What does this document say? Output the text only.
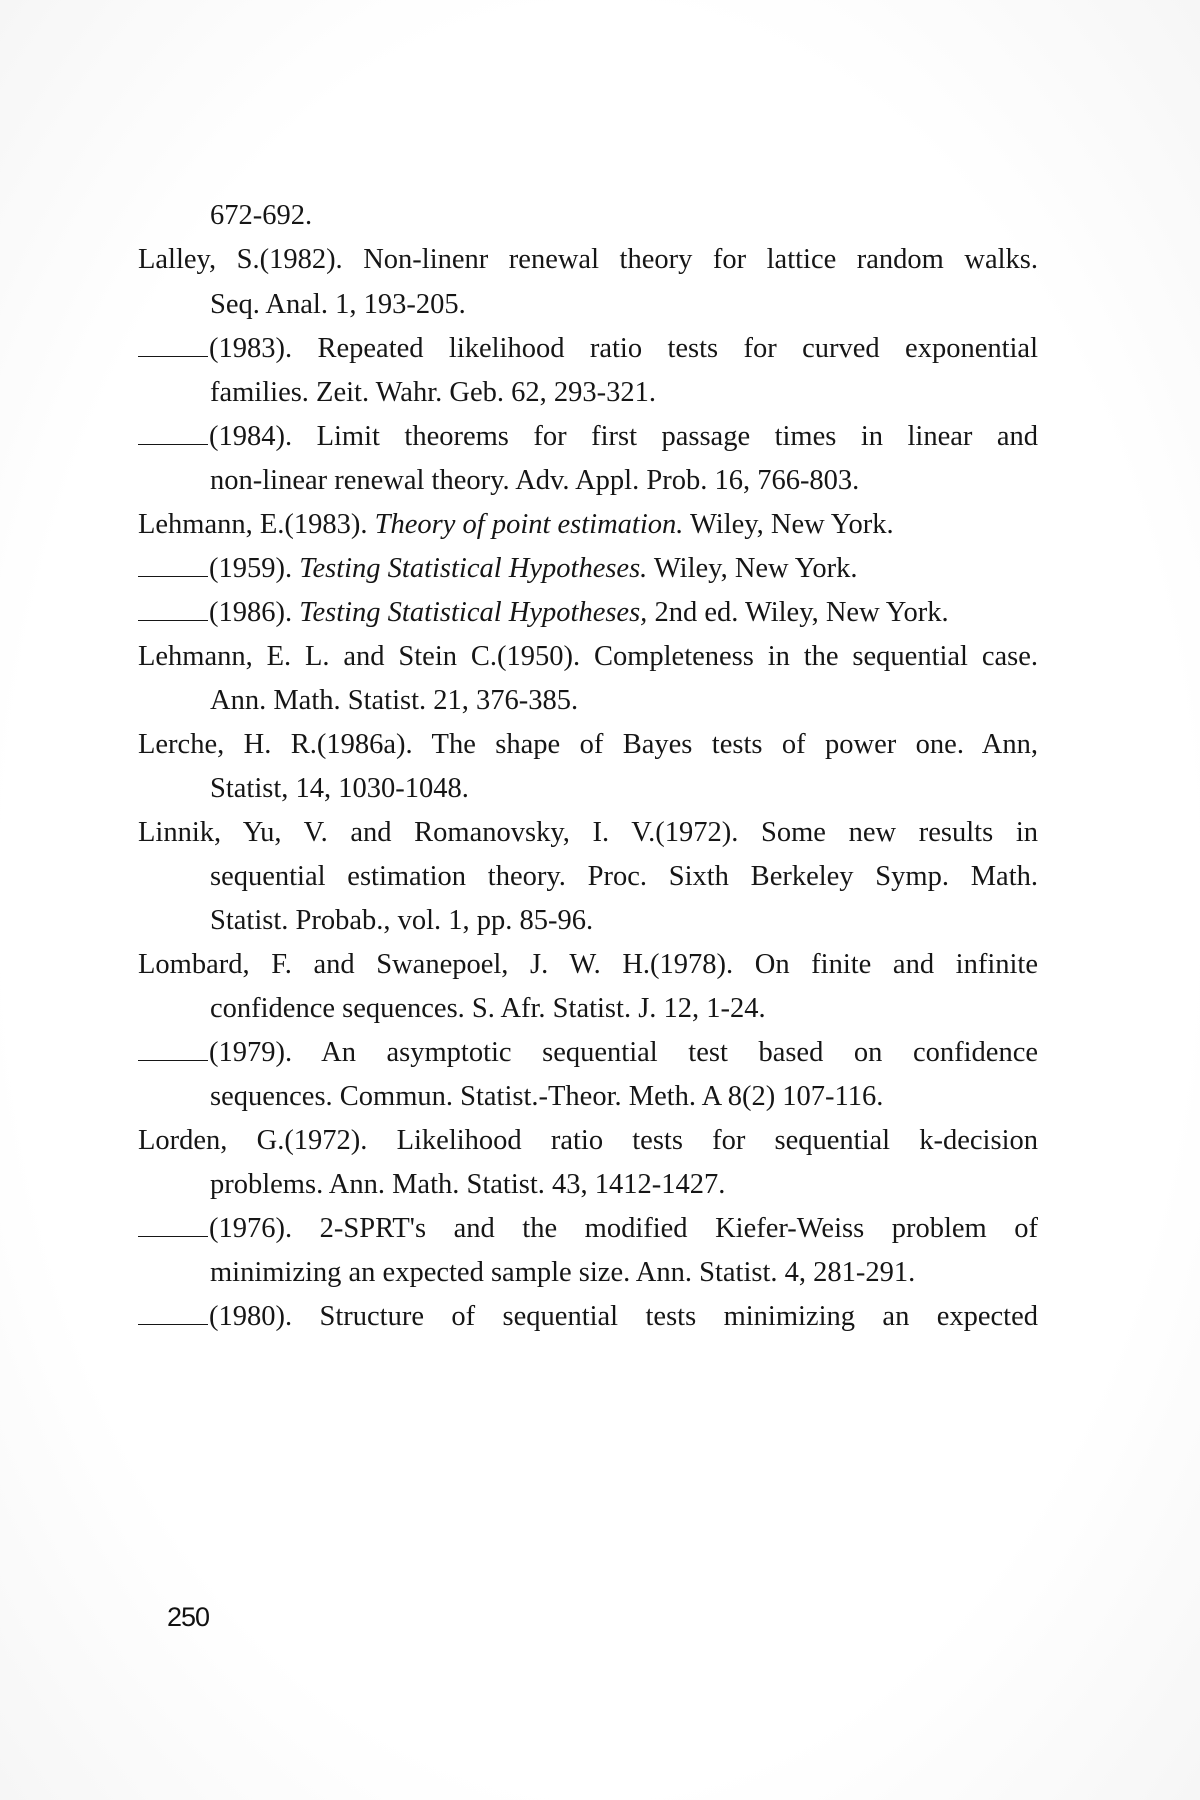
672-692.
Lalley, S.(1982). Non-linenr renewal theory for lattice random walks.
Seq. Anal. 1, 193-205.
(1983). Repeated likelihood ratio tests for curved exponential
families. Zeit. Wahr. Geb. 62, 293-321.
(1984). Limit theorems for first passage times in linear and
non-linear renewal theory. Adv. Appl. Prob. 16, 766-803.
Lehmann, E.(1983). Theory of point estimation. Wiley, New York.
(1959). Testing Statistical Hypotheses. Wiley, New York.
(1986). Testing Statistical Hypotheses, 2nd ed. Wiley, New York.
Lehmann, E. L. and Stein C.(1950). Completeness in the sequential case.
Ann. Math. Statist. 21, 376-385.
Lerche, H. R.(1986a). The shape of Bayes tests of power one. Ann,
Statist, 14, 1030-1048.
Linnik, Yu, V. and Romanovsky, I. V.(1972). Some new results in
sequential estimation theory. Proc. Sixth Berkeley Symp. Math.
Statist. Probab., vol. 1, pp. 85-96.
Lombard, F. and Swanepoel, J. W. H.(1978). On finite and infinite
confidence sequences. S. Afr. Statist. J. 12, 1-24.
(1979). An asymptotic sequential test based on confidence
sequences. Commun. Statist.-Theor. Meth. A 8(2) 107-116.
Lorden, G.(1972). Likelihood ratio tests for sequential k-decision
problems. Ann. Math. Statist. 43, 1412-1427.
(1976). 2-SPRT's and the modified Kiefer-Weiss problem of
minimizing an expected sample size. Ann. Statist. 4, 281-291.
(1980). Structure of sequential tests minimizing an expected
250
